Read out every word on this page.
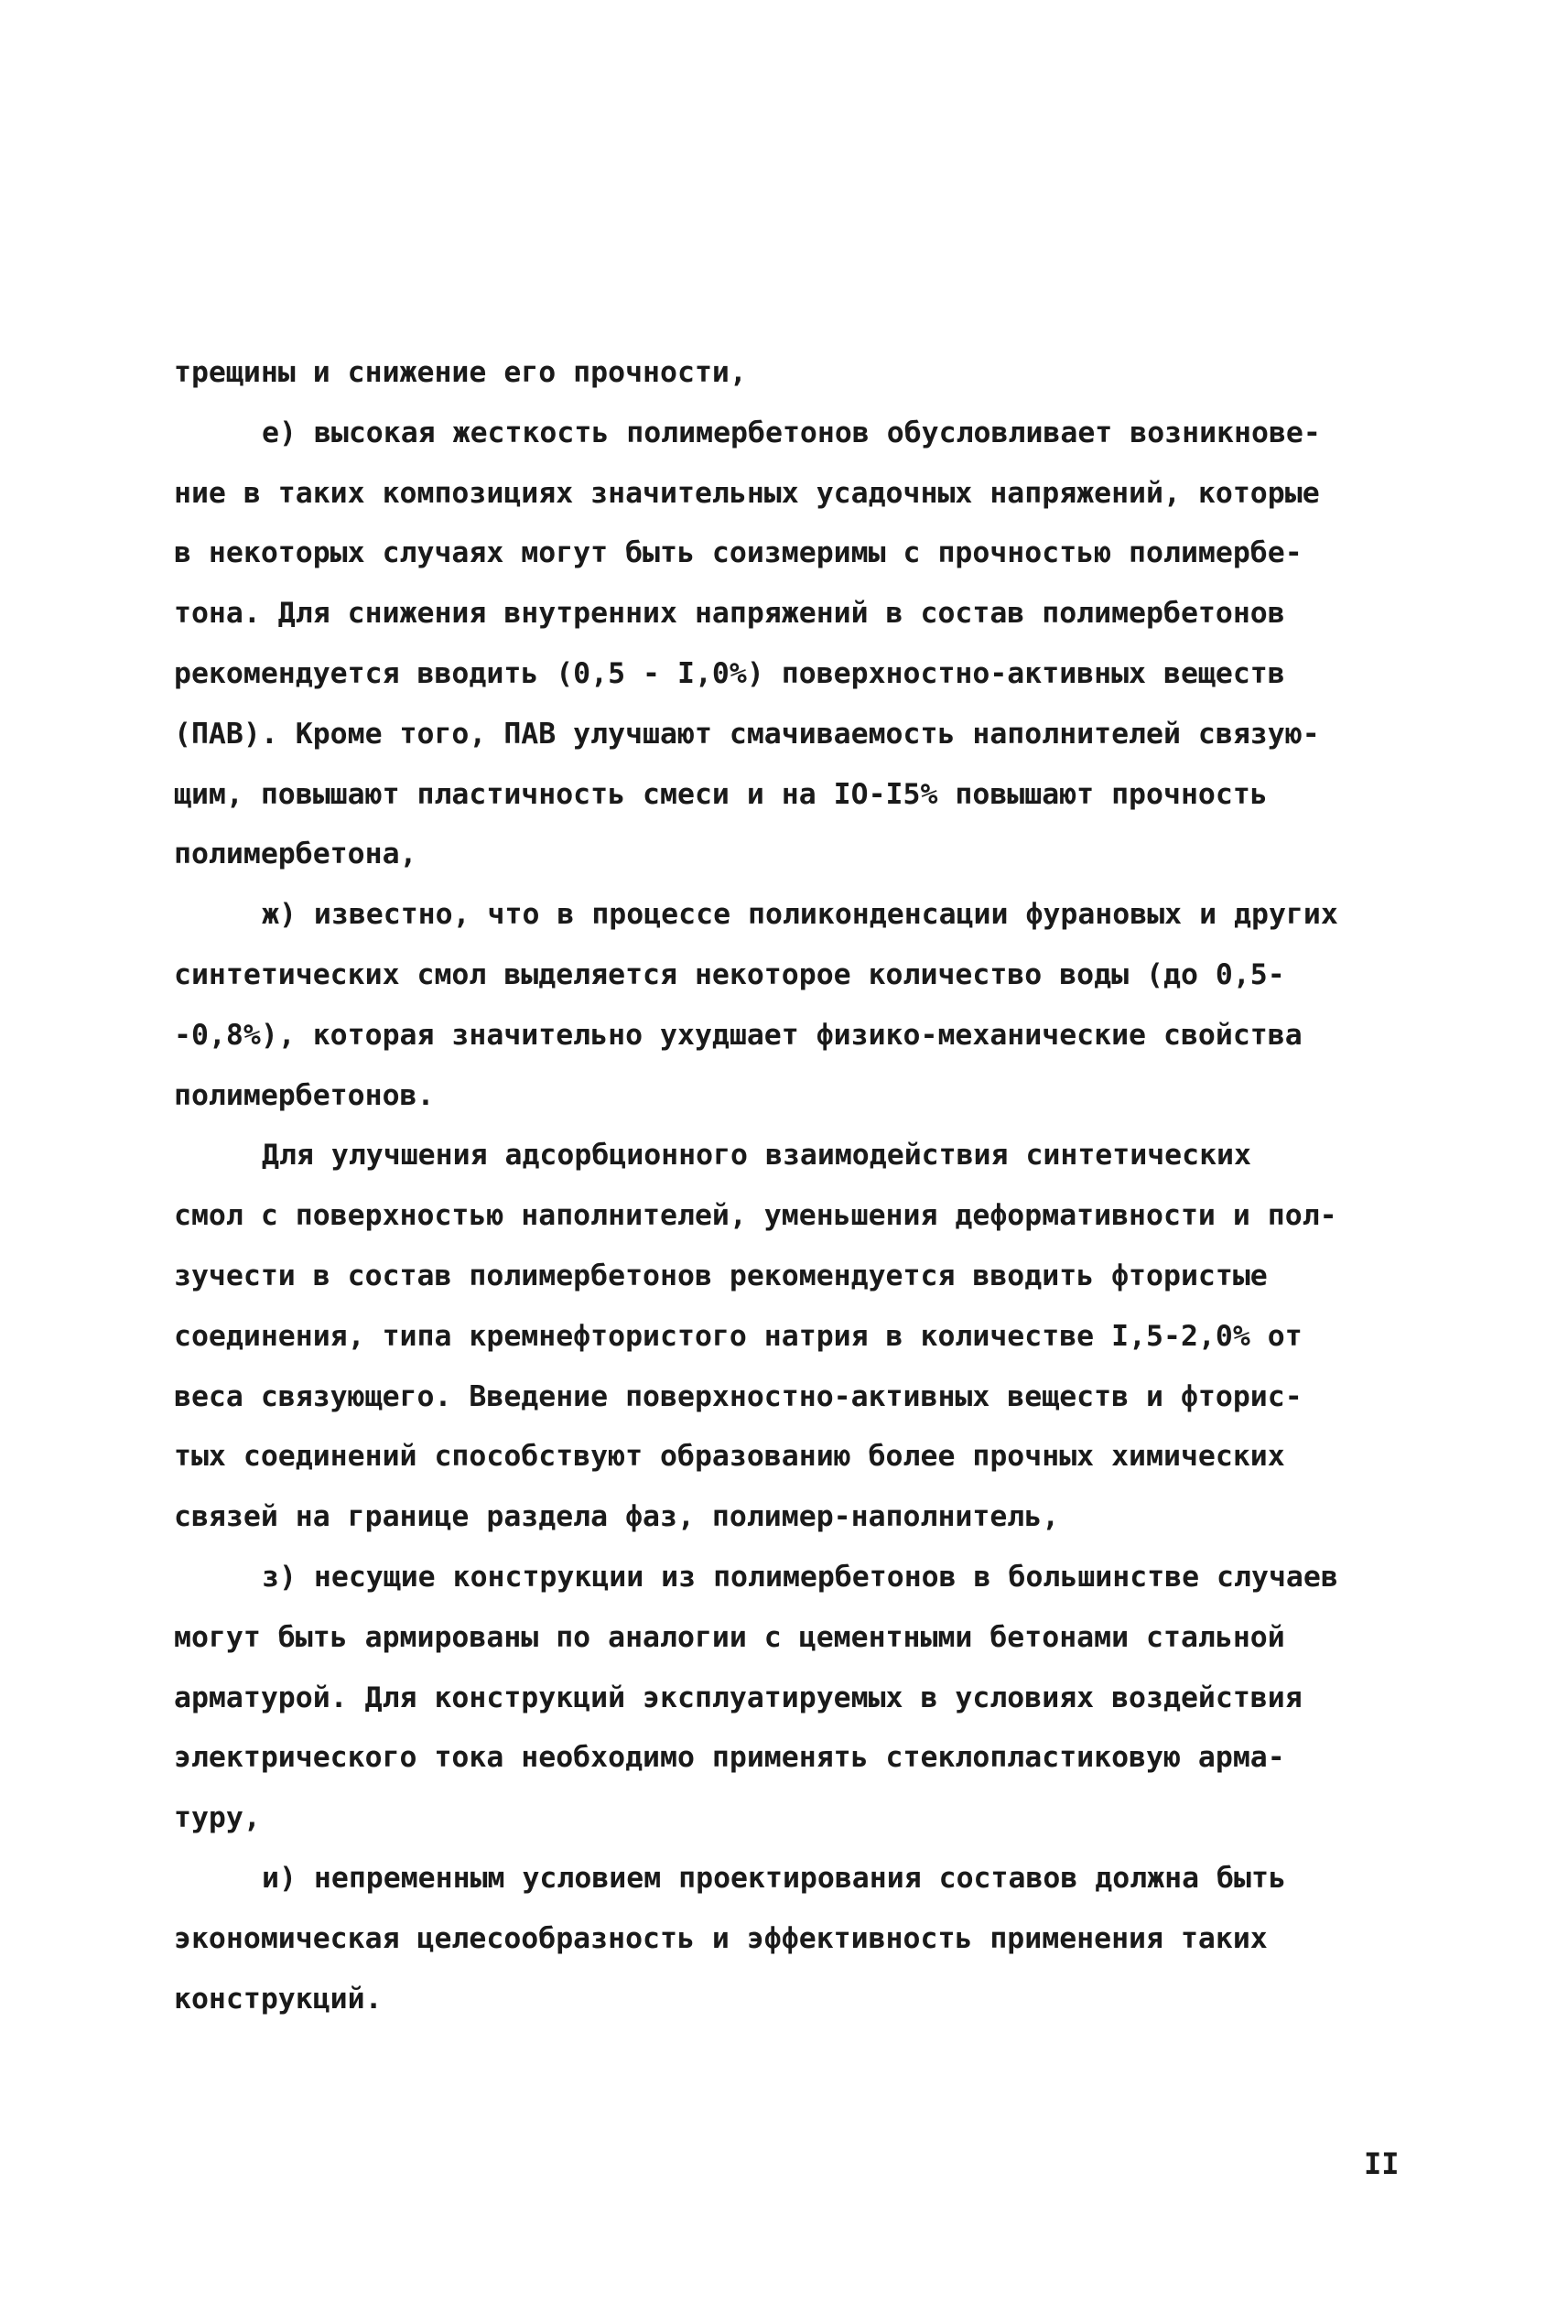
трещины и снижение его прочности,
е) высокая жесткость полимербетонов обусловливает возникнове-
ние в таких композициях значительных усадочных напряжений, которые
в некоторых случаях могут быть соизмеримы с прочностью полимербе-
тона. Для снижения внутренних напряжений в состав полимербетонов
рекомендуется вводить (0,5 - I,0%) поверхностно-активных веществ
(ПАВ). Кроме того, ПАВ улучшают смачиваемость наполнителей связую-
щим, повышают пластичность смеси и на IO-I5% повышают прочность
полимербетона,
ж) известно, что в процессе поликонденсации фурановых и других
синтетических смол выделяется некоторое количество воды (до 0,5-
-0,8%), которая значительно ухудшает физико-механические свойства
полимербетонов.
Для улучшения адсорбционного взаимодействия синтетических
смол с поверхностью наполнителей, уменьшения деформативности и пол-
зучести в состав полимербетонов рекомендуется вводить фтористые
соединения, типа кремнефтористого натрия в количестве I,5-2,0% от
веса связующего. Введение поверхностно-активных веществ и фторис-
тых соединений способствуют образованию более прочных химических
связей на границе раздела фаз, полимер-наполнитель,
з) несущие конструкции из полимербетонов в большинстве случаев
могут быть армированы по аналогии с цементными бетонами стальной
арматурой. Для конструкций эксплуатируемых в условиях воздействия
электрического тока необходимо применять стеклопластиковую арма-
туру,
и) непременным условием проектирования составов должна быть
экономическая целесообразность и эффективность применения таких
конструкций.
II
